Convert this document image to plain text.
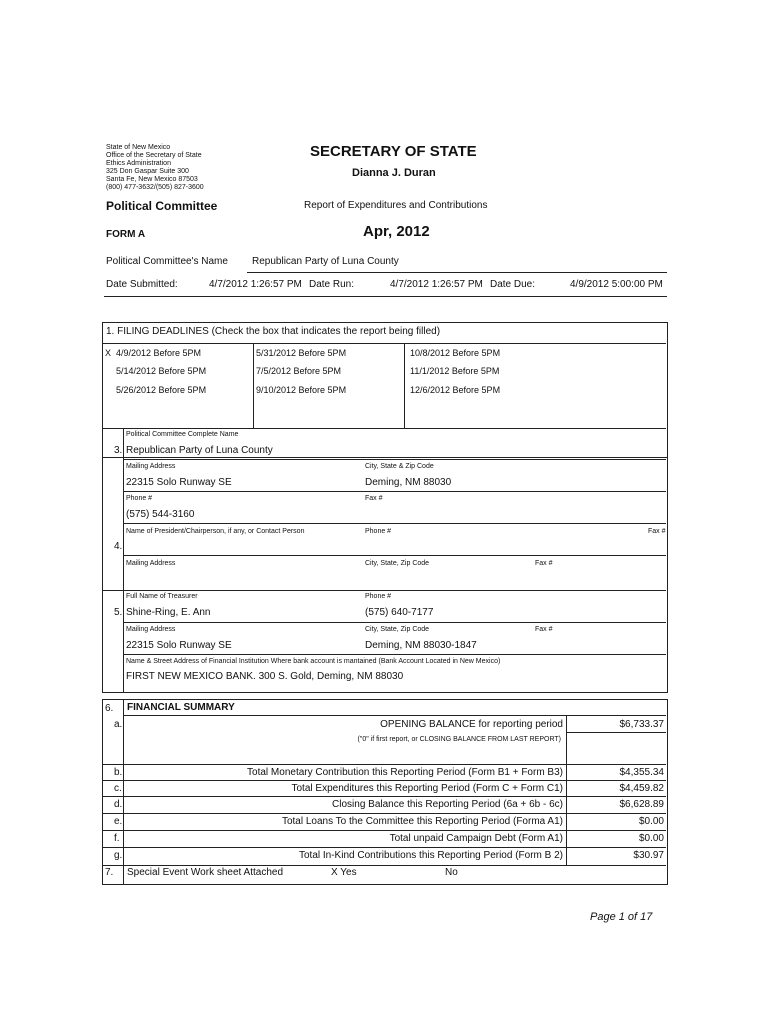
State of New Mexico
Office of the Secretary of State
Ethics Administration
325 Don Gaspar Suite 300
Santa Fe, New Mexico 87503
(800) 477-3632/(505) 827-3600
SECRETARY OF STATE
Dianna J. Duran
Political Committee	Report of Expenditures and Contributions
FORM A	Apr, 2012
Political Committee's Name Republican Party of Luna County
Date Submitted:	4/7/2012 1:26:57 PM Date Run:	4/7/2012 1:26:57 PM Date Due:	4/9/2012 5:00:00 PM
1. FILING DEADLINES (Check the box that indicates the report being filled)
X 4/9/2012 Before 5PM	5/31/2012 Before 5PM	10/8/2012 Before 5PM
5/14/2012 Before 5PM	7/5/2012 Before 5PM	11/1/2012 Before 5PM
5/26/2012 Before 5PM	9/10/2012 Before 5PM	12/6/2012 Before 5PM
3.
Political Committee Complete Name
Republican Party of Luna County
Mailing Address	City, State & Zip Code
22315 Solo Runway SE	Deming, NM 88030
Phone #	Fax #
(575) 544-3160
4.
Name of President/Chairperson, if any, or Contact Person	Phone #	Fax #
Mailing Address	City, State, Zip Code	Fax #
5.
Full Name of Treasurer	Phone #
Shine-Ring, E. Ann	(575) 640-7177
Mailing Address	City, State, Zip Code	Fax #
22315 Solo Runway SE	Deming, NM 88030-1847
Name & Street Address of Financial Institution Where bank account is mantained (Bank Account Located in New Mexico)
FIRST NEW MEXICO BANK. 300 S. Gold, Deming, NM 88030
6. FINANCIAL SUMMARY
a.	OPENING BALANCE for reporting period	$6,733.37
("0" if first report, or CLOSING BALANCE FROM LAST REPORT)
b.	Total Monetary Contribution this Reporting Period (Form B1 + Form B3)	$4,355.34
c.	Total Expenditures this Reporting Period (Form C + Form C1)	$4,459.82
d.	Closing Balance this Reporting Period (6a + 6b - 6c)	$6,628.89
e.	Total Loans To the Committee this Reporting Period (Forma A1)	$0.00
f.	Total unpaid Campaign Debt (Form A1)	$0.00
g.	Total In-Kind Contributions this Reporting Period (Form B 2)	$30.97
7. Special Event Work sheet Attached	X Yes	No
Page 1 of 17
